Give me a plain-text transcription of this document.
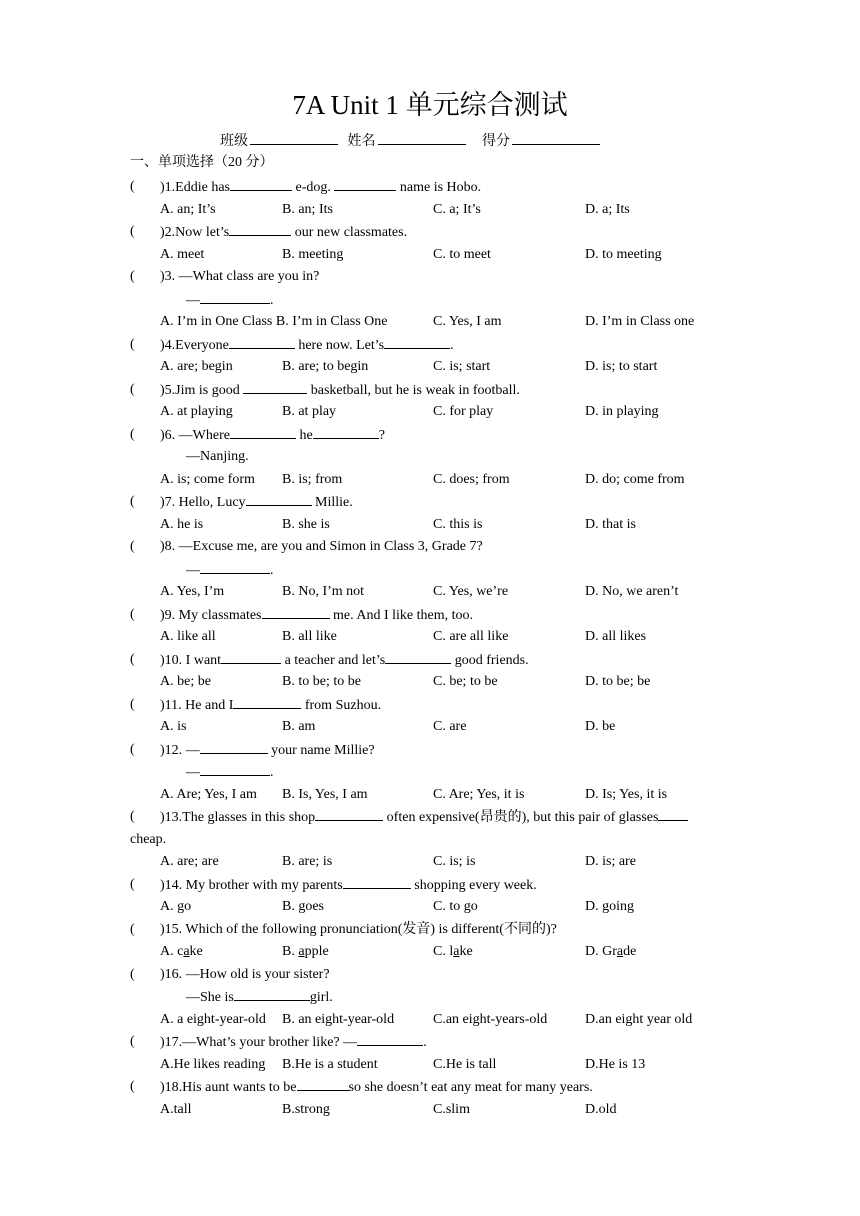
7A Unit 1 单元综合测试
班级	姓名	得分
一、单项选择（20 分）
( )1.Eddie has	e-dog.	name is Hobo.
A. an; It’s	B. an; Its	C. a; It’s	D. a; Its
( )2.Now let’s	our new classmates.
A. meet	B. meeting	C. to meet	D. to meeting
( )3. —What class are you in?
—	.
A. I’m in One Class B. I’m in Class One	C. Yes, I am	D. I’m in Class one
( )4.Everyone	here now. Let’s	.
A. are; begin	B. are; to begin	C. is; start	D. is; to start
( )5.Jim is good	basketball, but he is weak in football.
A. at playing	B. at play	C. for play	D. in playing
( )6. —Where	he	?
—Nanjing.
A. is; come form B. is; from	C. does; from	D. do; come from
( )7. Hello, Lucy	Millie.
A. he is	B. she is	C. this is	D. that is
( )8. —Excuse me, are you and Simon in Class 3, Grade 7?
—	.
A. Yes, I’m	B. No, I’m not	C. Yes, we’re	D. No, we aren’t
( )9. My classmates	me. And I like them, too.
A. like all	B. all like	C. are all like	D. all likes
( )10. I want	a teacher and let’s	good friends.
A. be; be	B. to be; to be	C. be; to be	D. to be; be
( )11. He and I	from Suzhou.
A. is	B. am	C. are	D. be
( )12. —	your name Millie?
—	.
A. Are; Yes, I am B. Is, Yes, I am	C. Are; Yes, it is	D. Is; Yes, it is
( )13.The glasses in this shop	often expensive(昂贵的), but this pair of glasses
cheap.
A. are; are	B. are; is	C. is; is	D. is; are
( )14. My brother with my parents	shopping every week.
A. go	B. goes	C. to go	D. going
( )15. Which of the following pronunciation(发音) is different(不同的)?
A. cake	B. apple	C. lake	D. Grade
( )16. —How old is your sister?
—She is	girl.
A. a eight-year-old B. an eight-year-old	C.an eight-years-old	D.an eight year old
( )17.—What’s your brother like? —	.
A.He likes reading B.He is a student	C.He is tall	D.He is 13
( )18.His aunt wants to be	so she doesn’t eat any meat for many years.
A.tall	B.strong	C.slim	D.old
